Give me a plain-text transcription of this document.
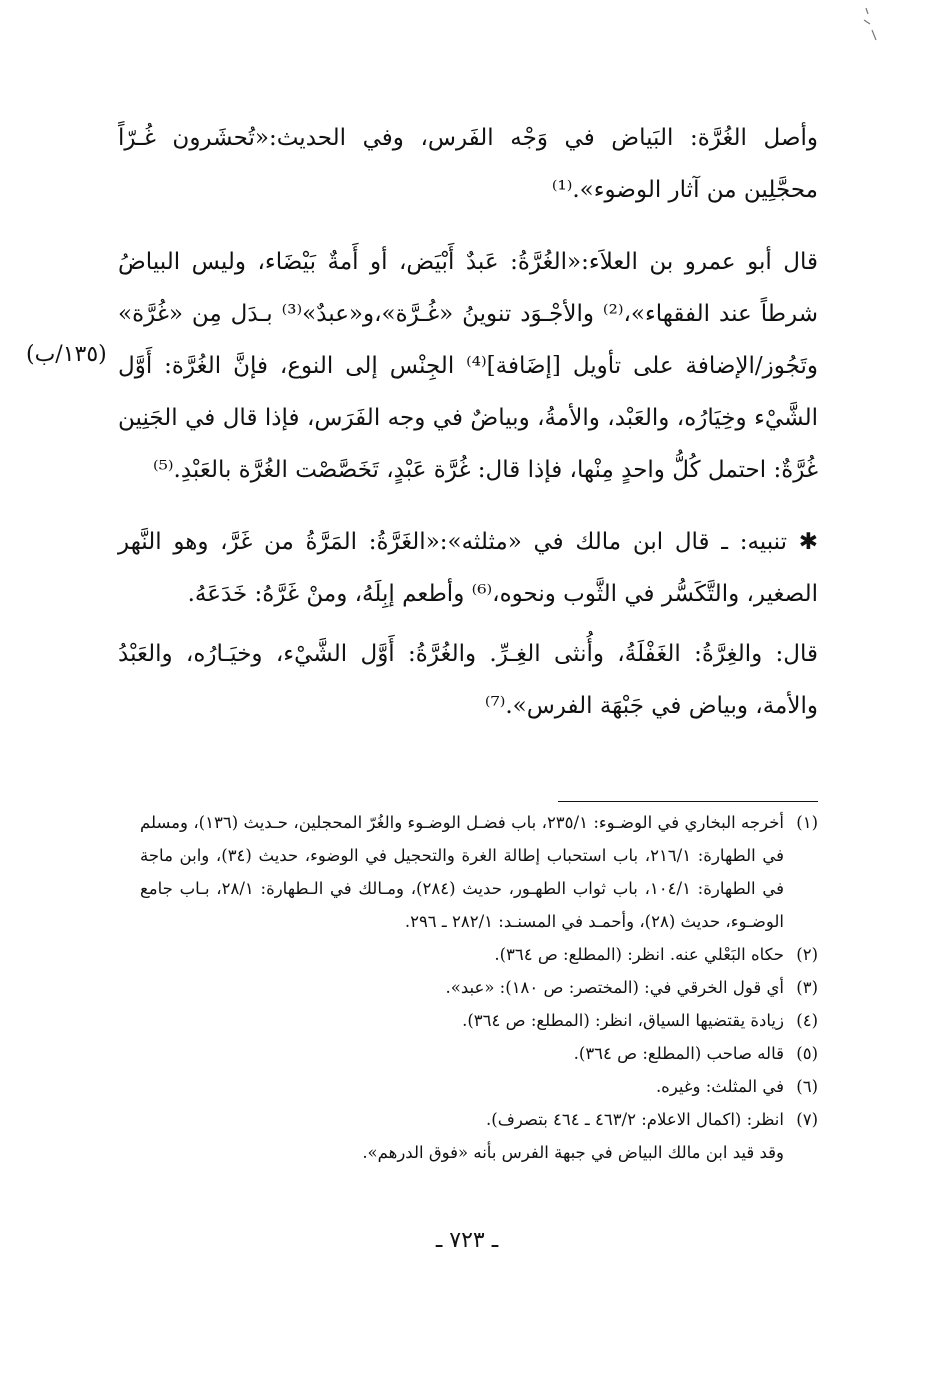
وأصل الغُرَّة: البَياض في وَجْه الفَرس، وفي الحديث:«تُحشَرون غُـرّاً محجَّلِين من آثار الوضوء».⁽¹⁾

قال أبو عمرو بن العلاَء:«الغُرَّةُ: عَبدٌ أَبْيَض، أو أَمةٌ بَيْضَاء، وليس البياضُ شرطاً عند الفقهاء»،⁽²⁾ والأجْـوَد تنوينُ «غُـرَّة»،و«عبدٌ»⁽³⁾ بـدَل مِن «غُرَّة» وتَجُوز/الإضافة على تأويل [إضَافة]⁽⁴⁾ الجِنْس إلى النوع، فإنَّ الغُرَّة: أَوَّل الشَّيْء وخِيَارُه، والعَبْد، والأمةُ، وبياضٌ في وجه الفَرَس، فإذا قال في الجَنِين غُرَّةٌ: احتمل كُلُّ واحدٍ مِنْها، فإذا قال: غُرَّة عَبْدٍ، تَخَصَّصْت الغُرَّة بالعَبْدِ.⁽⁵⁾

✱ تنبيه: ـ قال ابن مالك في «مثلثه»:«الغَرَّةُ: المَرَّةُ من غَرَّ، وهو النَّهر الصغير، والتَّكَسُّر في الثَّوب ونحوه،⁽⁶⁾ وأطعم إبِلَهُ، ومنْ غَرَّهُ: خَدَعَهُ.

قال: والغِرَّةُ: الغَفْلَةُ، وأُنثى الغِـرِّ. والغُرَّةُ: أَوَّل الشَّيْء، وخيَـارُه، والعَبْدُ والأمة، وبياض في جَبْهَة الفرس».⁽⁷⁾

(١٣٥/ب)
(١)
أخرجه البخاري في الوضـوء: ٢٣٥/١، باب فضـل الوضـوء والغُرّ المحجلين، حـديث (١٣٦)، ومسلم في الطهارة: ٢١٦/١، باب استحباب إطالة الغرة والتحجيل في الوضوء، حديث (٣٤)، وابن ماجة في الطهارة: ١٠٤/١، باب ثواب الطهـور، حديث (٢٨٤)، ومـالك في الـطهارة: ٢٨/١، بـاب جامع الوضـوء، حديث (٢٨)، وأحمـد في المسنـد: ٢٨٢/١ ـ ٢٩٦.
(٢)
حكاه البَعْلي عنه. انظر: (المطلع: ص ٣٦٤).
(٣)
أي قول الخرقي في: (المختصر: ص ١٨٠): «عبد».
(٤)
زيادة يقتضيها السياق، انظر: (المطلع: ص ٣٦٤).
(٥)
قاله صاحب (المطلع: ص ٣٦٤).
(٦)
في المثلث: وغيره.
(٧)
انظر: (اكمال الاعلام: ٤٦٣/٢ ـ ٤٦٤ بتصرف).
وقد قيد ابن مالك البياض في جبهة الفرس بأنه «فوق الدرهم».
ـ ٧٢٣ ـ
